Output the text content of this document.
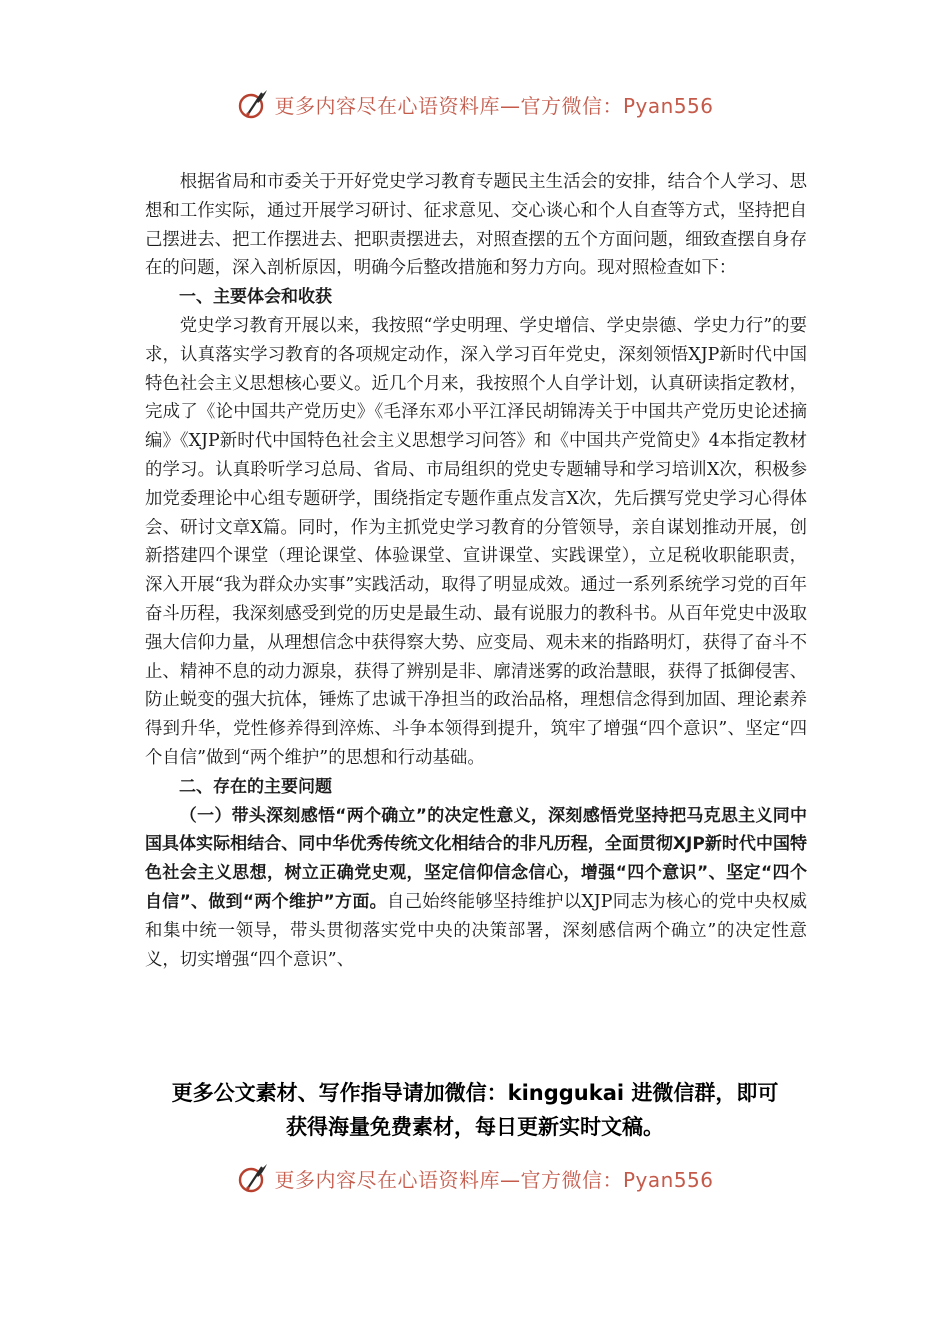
更多内容尽在心语资料库—官方微信：Pyan556

根据省局和市委关于开好党史学习教育专题民主生活会的安排，结合个人学习、思想和工作实际，通过开展学习研讨、征求意见、交心谈心和个人自查等方式，坚持把自己摆进去、把工作摆进去、把职责摆进去，对照查摆的五个方面问题，细致查摆自身存在的问题，深入剖析原因，明确今后整改措施和努力方向。现对照检查如下：

一、主要体会和收获

党史学习教育开展以来，我按照“学史明理、学史增信、学史崇德、学史力行”的要求，认真落实学习教育的各项规定动作，深入学习百年党史，深刻领悟XJP新时代中国特色社会主义思想核心要义。近几个月来，我按照个人自学计划，认真研读指定教材，完成了《论中国共产党历史》《毛泽东邓小平江泽民胡锦涛关于中国共产党历史论述摘编》《XJP新时代中国特色社会主义思想学习问答》和《中国共产党简史》4本指定教材的学习。认真聆听学习总局、省局、市局组织的党史专题辅导和学习培训X次，积极参加党委理论中心组专题研学，围绕指定专题作重点发言X次，先后撰写党史学习心得体会、研讨文章X篇。同时，作为主抓党史学习教育的分管领导，亲自谋划推动开展，创新搭建四个课堂（理论课堂、体验课堂、宣讲课堂、实践课堂），立足税收职能职责，深入开展“我为群众办实事”实践活动，取得了明显成效。通过一系列系统学习党的百年奋斗历程，我深刻感受到党的历史是最生动、最有说服力的教科书。从百年党史中汲取强大信仰力量，从理想信念中获得察大势、应变局、观未来的指路明灯，获得了奋斗不止、精神不息的动力源泉，获得了辨别是非、廓清迷雾的政治慧眼，获得了抵御侵害、防止蜕变的强大抗体，锤炼了忠诚干净担当的政治品格，理想信念得到加固、理论素养得到升华，党性修养得到淬炼、斗争本领得到提升，筑牢了增强“四个意识”、坚定“四个自信”做到“两个维护”的思想和行动基础。

二、存在的主要问题

（一）带头深刻感悟“两个确立”的决定性意义，深刻感悟党坚持把马克思主义同中国具体实际相结合、同中华优秀传统文化相结合的非凡历程，全面贯彻XJP新时代中国特色社会主义思想，树立正确党史观，坚定信仰信念信心，增强“四个意识”、坚定“四个自信”、做到“两个维护”方面。自己始终能够坚持维护以XJP同志为核心的党中央权威和集中统一领导，带头贯彻落实党中央的决策部署，深刻感信两个确立”的决定性意义，切实增强“四个意识”、

更多公文素材、写作指导请加微信：kinggukai 进微信群，即可
获得海量免费素材，每日更新实时文稿。
更多内容尽在心语资料库—官方微信：Pyan556
